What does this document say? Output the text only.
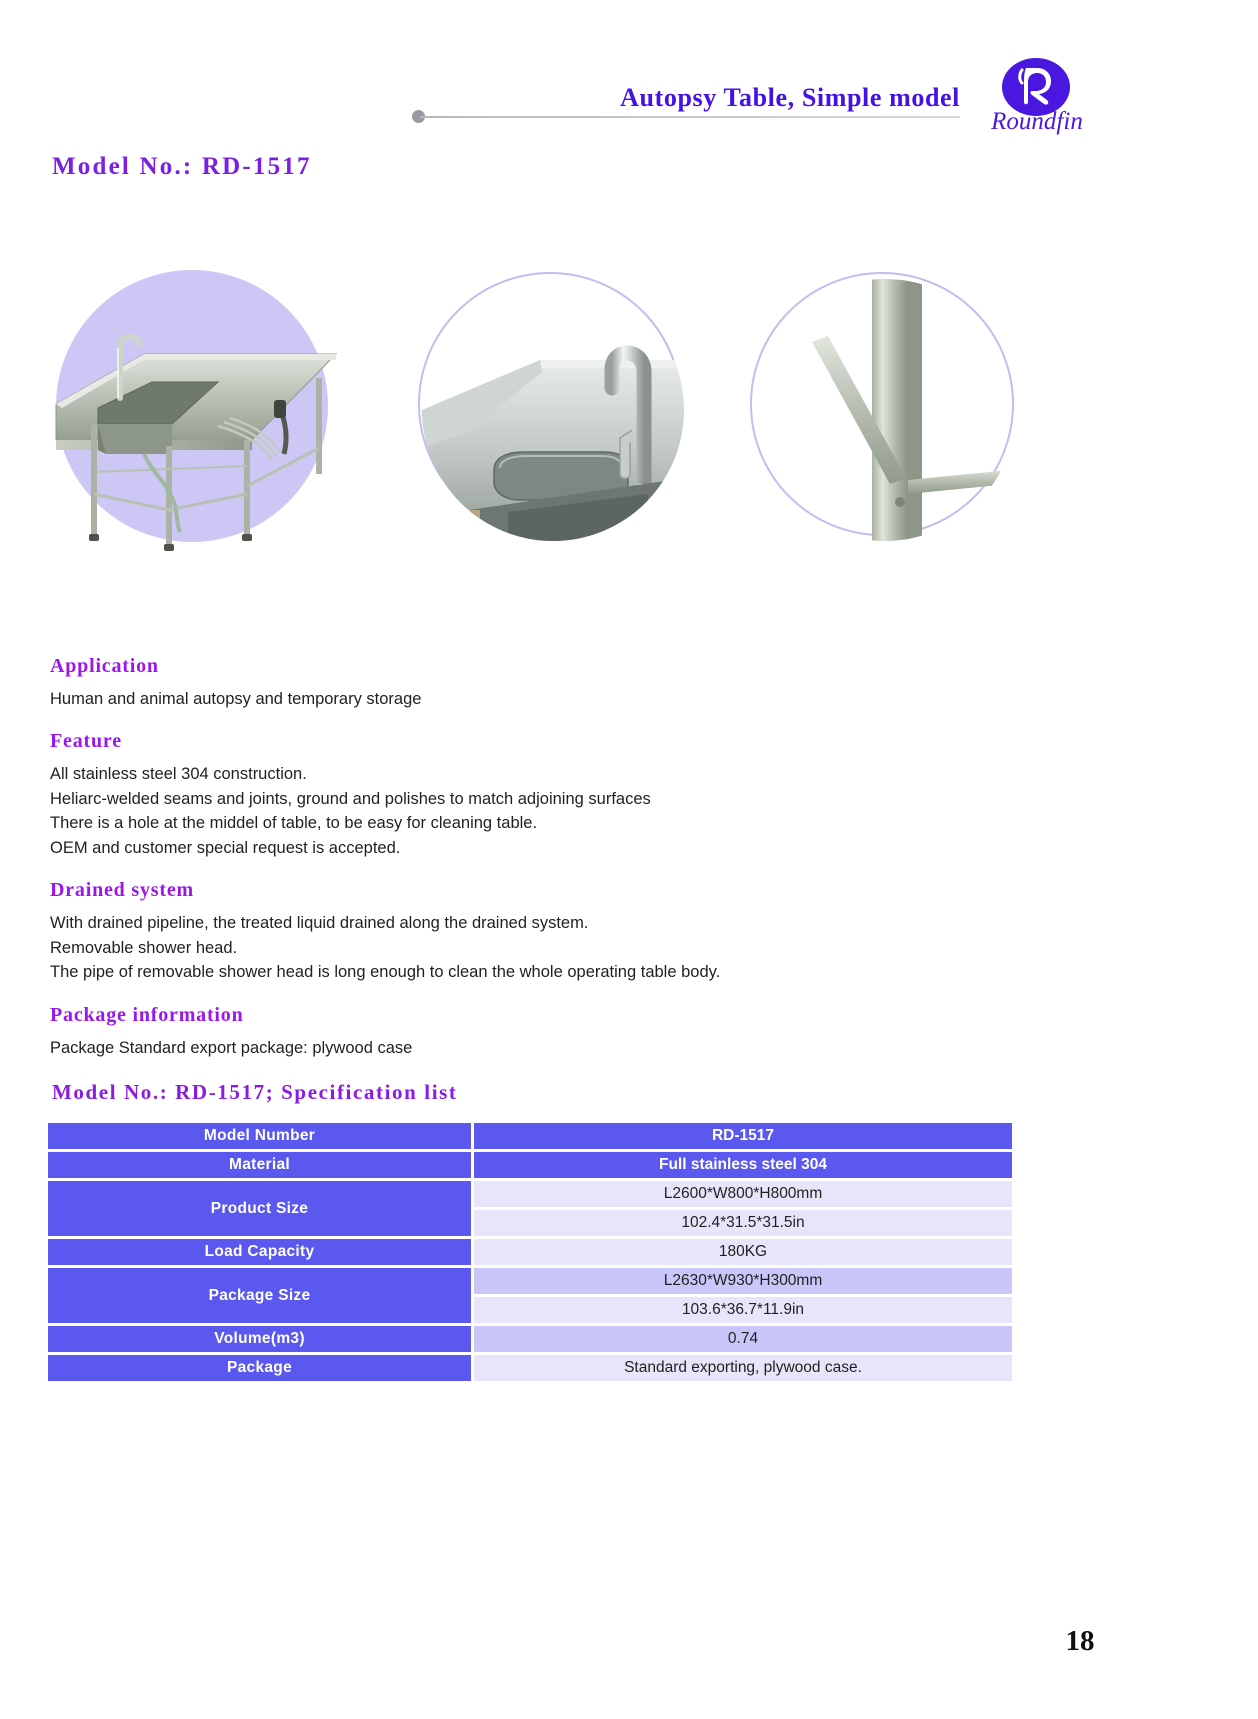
Autopsy Table, Simple model
Roundfin
Model No.: RD-1517
Application
Human and animal autopsy and temporary storage
Feature
All stainless steel 304 construction.
Heliarc-welded seams and joints, ground and polishes to match adjoining surfaces
There is a hole at the middel of table, to be easy for cleaning table.
OEM and customer special request is accepted.
Drained system
With drained pipeline, the treated liquid drained along the drained system.
Removable shower head.
The pipe of removable shower head is long enough to clean the whole operating table body.
Package information
Package Standard export package: plywood case
Model No.: RD-1517; Specification list
Model Number	RD-1517
Material	Full stainless steel 304
Product Size	L2600*W800*H800mm
	102.4*31.5*31.5in
Load Capacity	180KG
Package Size	L2630*W930*H300mm
	103.6*36.7*11.9in
Volume(m3)	0.74
Package	Standard exporting, plywood case.
18
